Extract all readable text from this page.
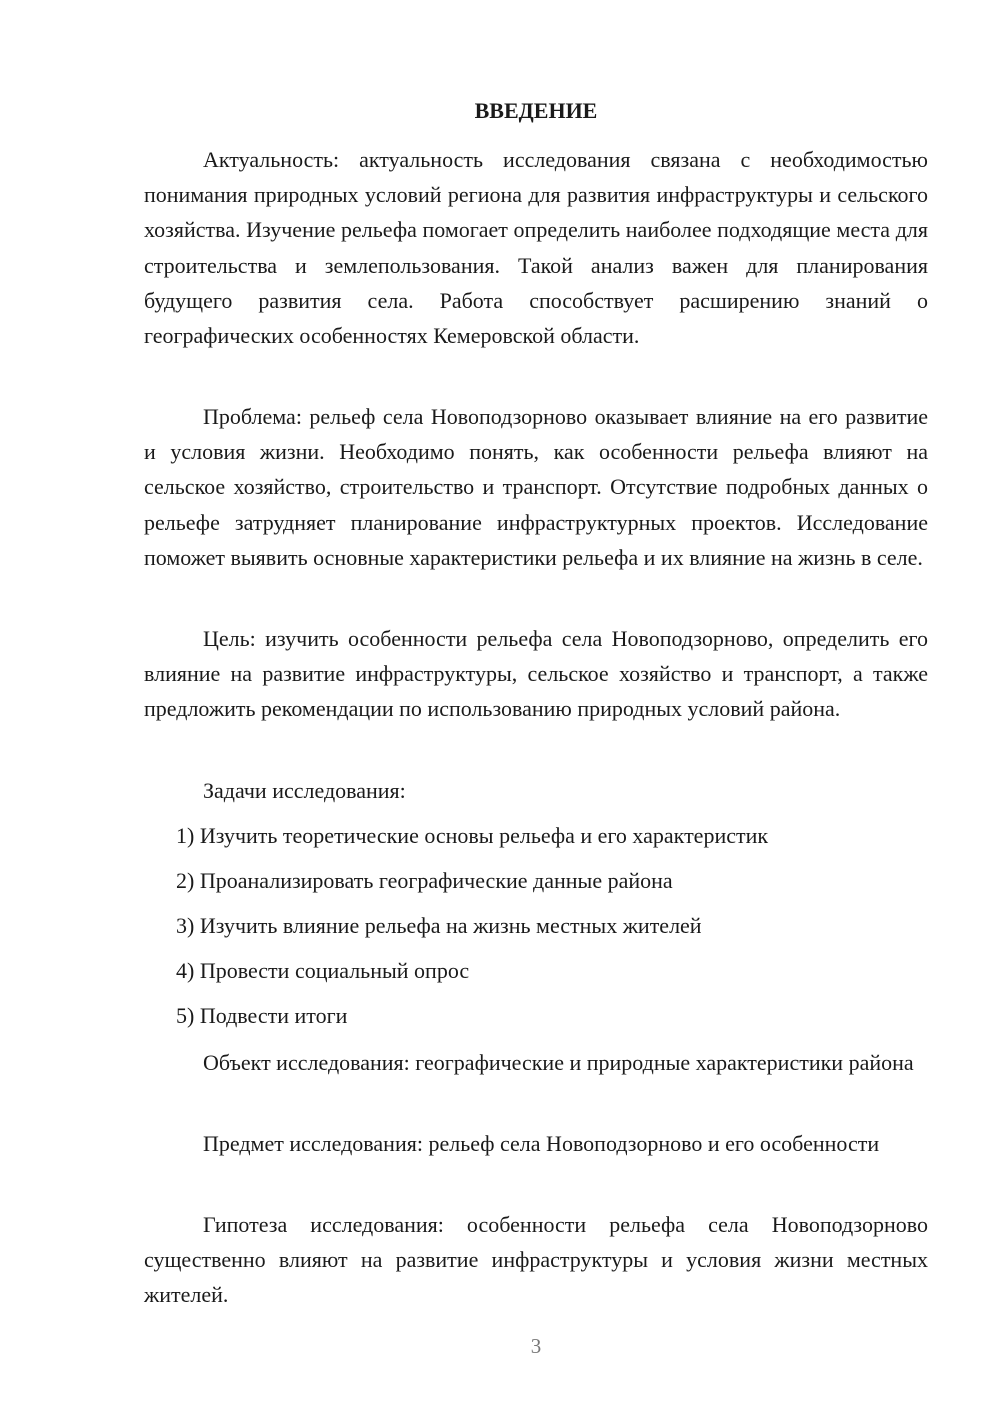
ВВЕДЕНИЕ

Актуальность: актуальность исследования связана с необходимостью понимания природных условий региона для развития инфраструктуры и сельского хозяйства. Изучение рельефа помогает определить наиболее подходящие места для строительства и землепользования. Такой анализ важен для планирования будущего развития села. Работа способствует расширению знаний о географических особенностях Кемеровской области.

Проблема: рельеф села Новоподзорново оказывает влияние на его развитие и условия жизни. Необходимо понять, как особенности рельефа влияют на сельское хозяйство, строительство и транспорт. Отсутствие подробных данных о рельефе затрудняет планирование инфраструктурных проектов. Исследование поможет выявить основные характеристики рельефа и их влияние на жизнь в селе.

Цель: изучить особенности рельефа села Новоподзорново, определить его влияние на развитие инфраструктуры, сельское хозяйство и транспорт, а также предложить рекомендации по использованию природных условий района.

Задачи исследования:

1) Изучить теоретические основы рельефа и его характеристик

2) Проанализировать географические данные района

3) Изучить влияние рельефа на жизнь местных жителей

4) Провести социальный опрос

5) Подвести итоги

Объект исследования: географические и природные характеристики района

Предмет исследования: рельеф села Новоподзорново и его особенности

Гипотеза исследования: особенности рельефа села Новоподзорново существенно влияют на развитие инфраструктуры и условия жизни местных жителей.

3
